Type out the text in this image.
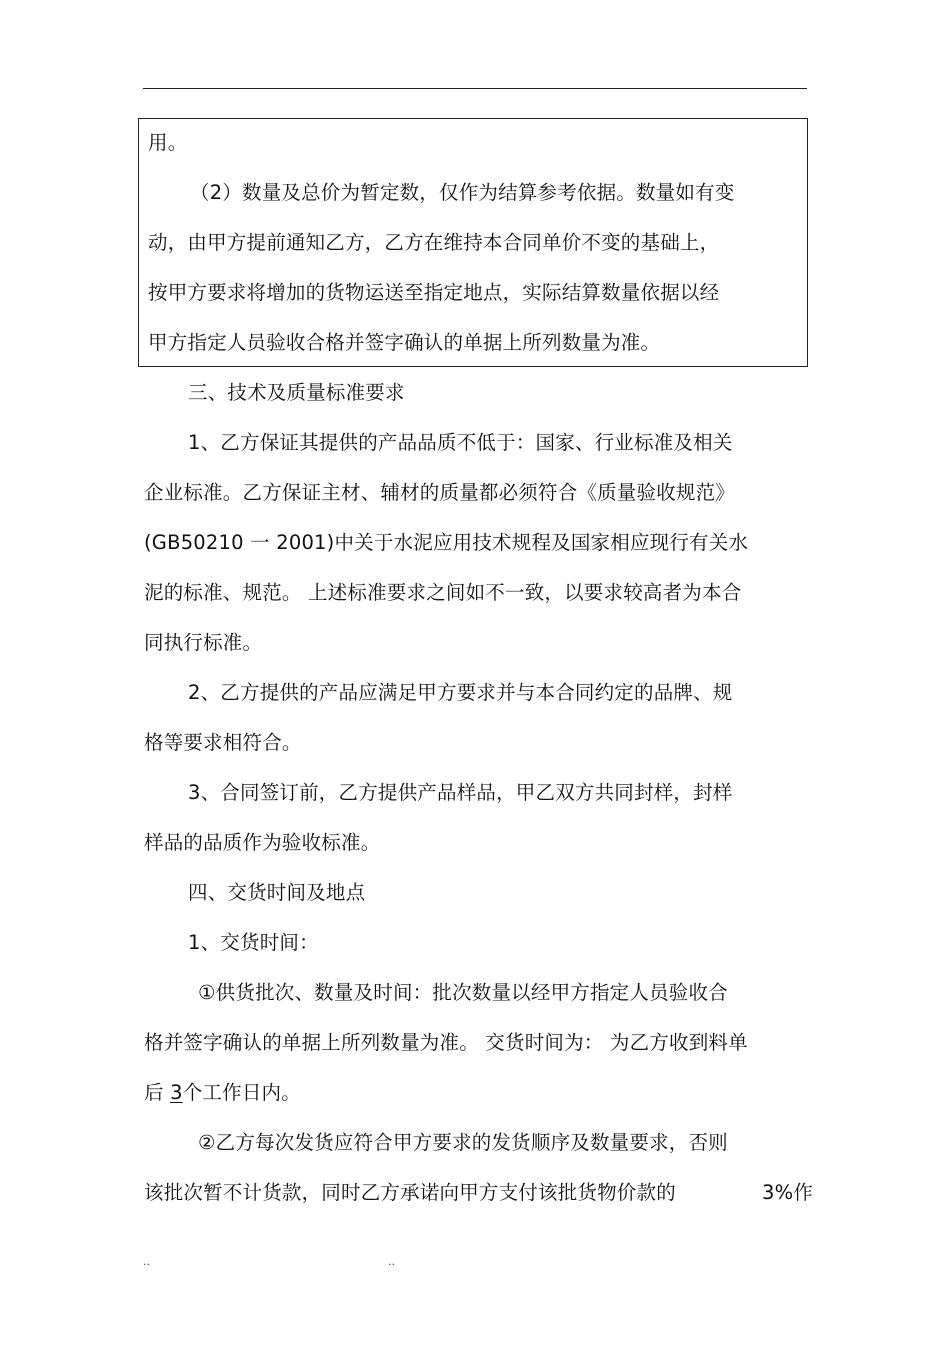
用。
（2）数量及总价为暂定数，仅作为结算参考依据。数量如有变
动，由甲方提前通知乙方，乙方在维持本合同单价不变的基础上，
按甲方要求将增加的货物运送至指定地点，实际结算数量依据以经
甲方指定人员验收合格并签字确认的单据上所列数量为准。
三、技术及质量标准要求
1、乙方保证其提供的产品品质不低于：国家、行业标准及相关
企业标准。乙方保证主材、辅材的质量都必须符合《质量验收规范》
(GB50210 一 2001)中关于水泥应用技术规程及国家相应现行有关水
泥的标准、规范。 上述标准要求之间如不一致，以要求较高者为本合
同执行标准。
2、乙方提供的产品应满足甲方要求并与本合同约定的品牌、规
格等要求相符合。
3、合同签订前，乙方提供产品样品，甲乙双方共同封样，封样
样品的品质作为验收标准。
四、交货时间及地点
1、交货时间：
①供货批次、数量及时间：批次数量以经甲方指定人员验收合
格并签字确认的单据上所列数量为准。 交货时间为： 为乙方收到料单
后 3个工作日内。
②乙方每次发货应符合甲方要求的发货顺序及数量要求，否则
该批次暂不计货款，同时乙方承诺向甲方支付该批货物价款的	3%作
..	..
